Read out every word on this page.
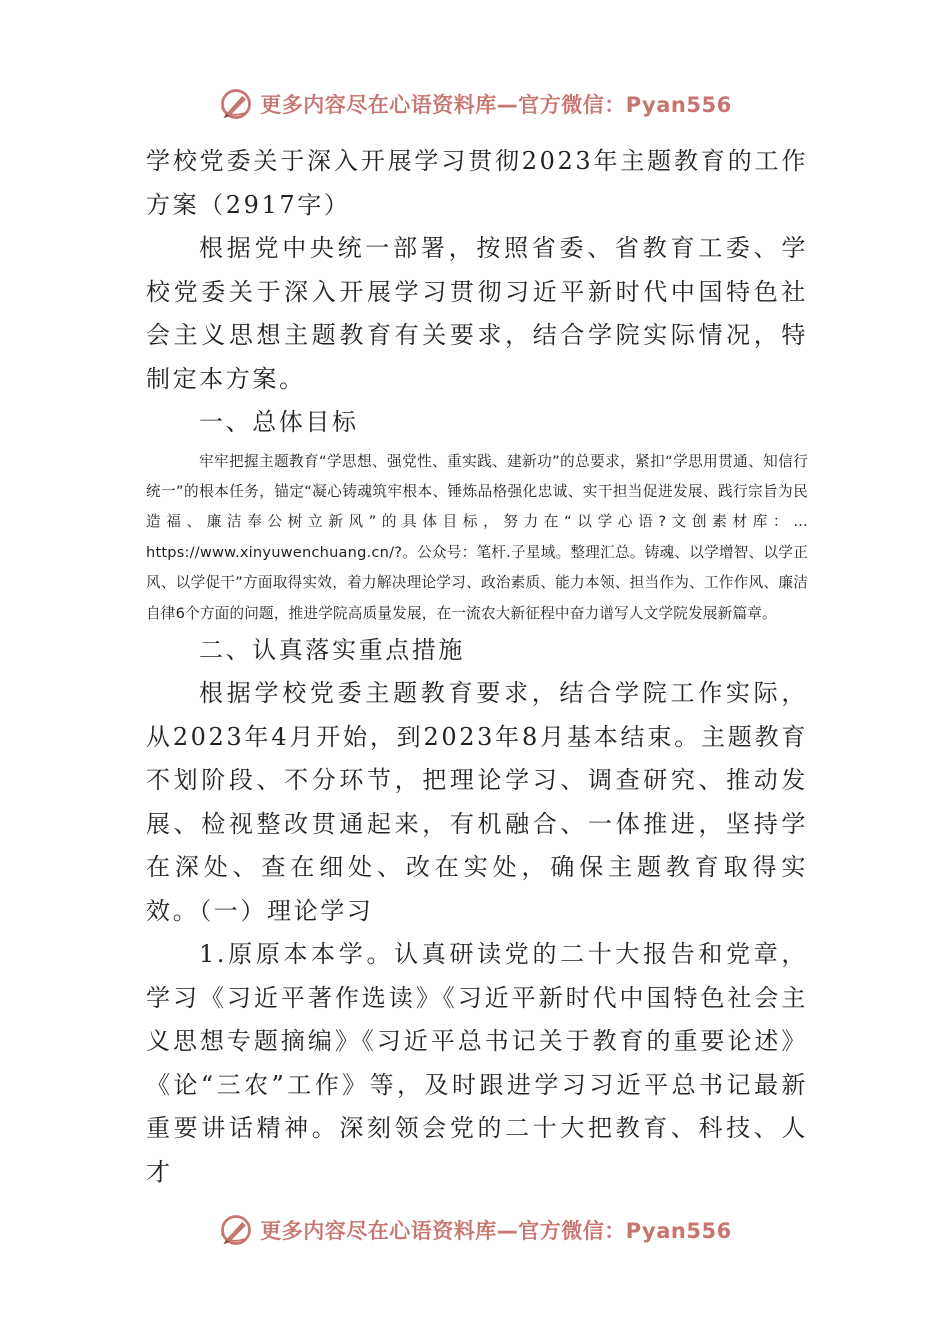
更多内容尽在心语资料库—官方微信：Pyan556

学校党委关于深入开展学习贯彻2023年主题教育的工作方案（2917字）

根据党中央统一部署，按照省委、省教育工委、学校党委关于深入开展学习贯彻习近平新时代中国特色社会主义思想主题教育有关要求，结合学院实际情况，特制定本方案。

一、总体目标

牢牢把握主题教育“学思想、强党性、重实践、建新功”的总要求，紧扣“学思用贯通、知信行统一”的根本任务，锚定“凝心铸魂筑牢根本、锤炼品格强化忠诚、实干担当促进发展、践行宗旨为民造福、廉洁奉公树立新风”的具体目标，努力在“以学心语?文创素材库：…https://www.xinyuwenchuang.cn/?。公众号：笔杆.子星域。整理汇总。铸魂、以学增智、以学正风、以学促干”方面取得实效，着力解决理论学习、政治素质、能力本领、担当作为、工作作风、廉洁自律6个方面的问题，推进学院高质量发展，在一流农大新征程中奋力谱写人文学院发展新篇章。

二、认真落实重点措施

根据学校党委主题教育要求，结合学院工作实际，从2023年4月开始，到2023年8月基本结束。主题教育不划阶段、不分环节，把理论学习、调查研究、推动发展、检视整改贯通起来，有机融合、一体推进，坚持学在深处、查在细处、改在实处，确保主题教育取得实效。（一）理论学习

1.原原本本学。认真研读党的二十大报告和党章，学习《习近平著作选读》《习近平新时代中国特色社会主义思想专题摘编》《习近平总书记关于教育的重要论述》《论“三农”工作》等，及时跟进学习习近平总书记最新重要讲话精神。深刻领会党的二十大把教育、科技、人才

更多内容尽在心语资料库—官方微信：Pyan556
